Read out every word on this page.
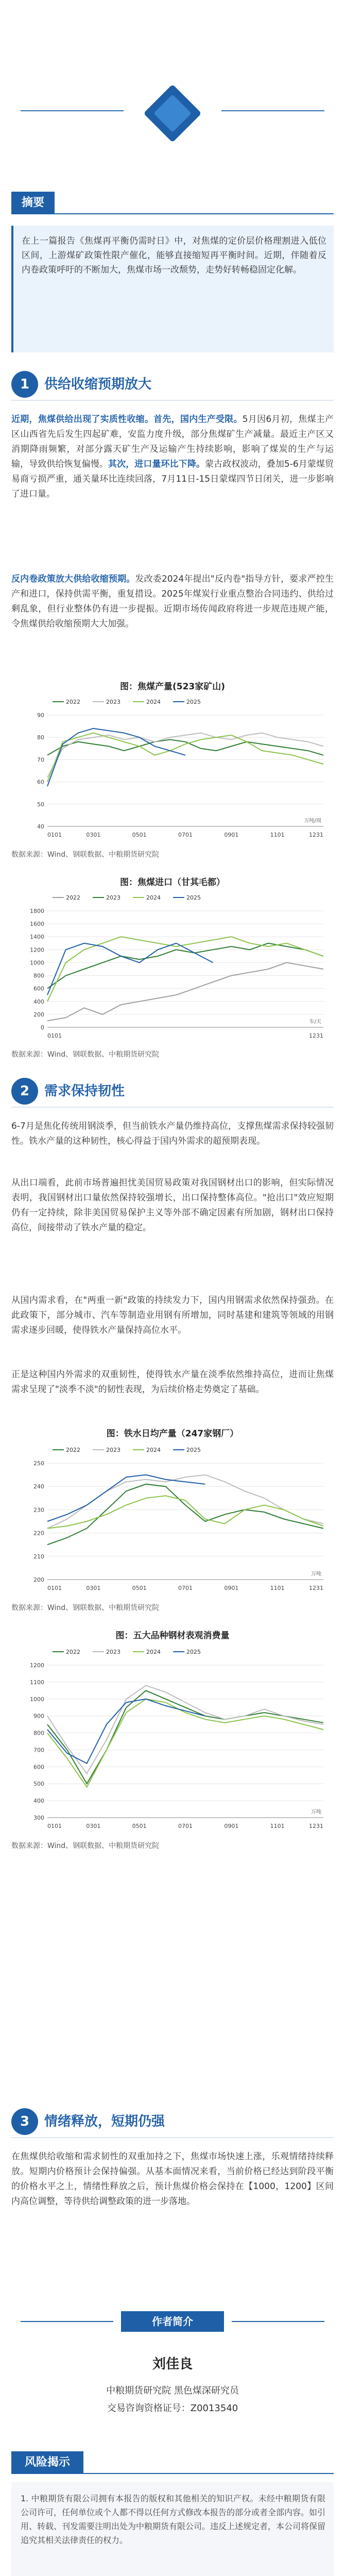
摘要
在上一篇报告《焦煤再平衡仍需时日》中，对焦煤的定价层价格理割进入低位区间，上游煤矿政策性限产催化，能够直接缩短再平衡时间。近期，伴随着反内卷政策呼吁的不断加大，焦煤市场一改颓势，走势好转畅稳固定化解。
1	供给收缩预期放大
近期，焦煤供给出现了实质性收缩。首先，国内生产受限。5月因6月初，焦煤主产区山西省先后发生四起矿难，安监力度升级，部分焦煤矿生产减量。最近主产区又消期降雨频繁，对部分露天矿生产及运输产生持续影响，影响了煤炭的生产与运输，导致供给恢复偏慢。其次，进口量环比下降。蒙古政权波动，叠加5-6月蒙煤贸易商亏损严重，通关量环比连续回落，7月11日-15日蒙煤四节日闭关，进一步影响了进口量。
反内卷政策放大供给收缩预期。发改委2024年提出"反内卷"指导方针，要求严控生产和进口，保持供需平衡，重复措设。2025年煤炭行业重点整治合同违约、供给过剩乱象，但行业整体仍有进一步提振。近期市场传闻政府将进一步规范违规产能，令焦煤供给收缩预期大大加强。
图：焦煤产量(523家矿山)
2022	2023	2024	2025
万吨/周
40
50
60
70
80
90
0101	0301	0501	0701	0901	1101	1231
数据来源：Wind、钢联数据、中粮期货研究院
图：焦煤进口（甘其毛都）
2022	2023	2024	2025
车/天
0
200
400
600
800
1000
1200
1400
1600
1800
0101	1231
数据来源：Wind、钢联数据、中粮期货研究院
2	需求保持韧性
6-7月是焦化传统用钢淡季，但当前铁水产量仍维持高位，支撑焦煤需求保持较强韧性。铁水产量的这种韧性，核心得益于国内外需求的超预期表现。
从出口端看，此前市场普遍担忧美国贸易政策对我国钢材出口的影响，但实际情况表明，我国钢材出口量依然保持较强增长，出口保持整体高位。"抢出口"效应短期仍有一定持续，除非美国贸易保护主义等外部不确定因素有所加剧，钢材出口保持高位，间接带动了铁水产量的稳定。
从国内需求看，在"两重一新"政策的持续发力下，国内用钢需求依然保持强劲。在此政策下，部分城市、汽车等制造业用钢有所增加，同时基建和建筑等领域的用钢需求逐步回暖，使得铁水产量保持高位水平。
正是这种国内外需求的双重韧性，使得铁水产量在淡季依然维持高位，进而让焦煤需求呈现了"淡季不淡"的韧性表现，为后续价格走势奠定了基础。
图：铁水日均产量（247家钢厂）
2022	2023	2024	2025
万吨
200
210
220
230
240
250
0101	0301	0501	0701	0901	1101	1231
数据来源：Wind、钢联数据、中粮期货研究院
图：五大品种钢材表观消费量
2022	2023	2024	2025
万吨
300
400
500
600
700
800
900
1000
1100
1200
0101	0301	0501	0701	0901	1101	1231
数据来源：Wind、钢联数据、中粮期货研究院
3	情绪释放，短期仍强
在焦煤供给收缩和需求韧性的双重加持之下，焦煤市场快速上涨，乐观情绪持续释放。短期内价格预计会保持偏强。从基本面情况来看，当前价格已经达到阶段平衡的价格水平之上，情绪性释放之后，预计焦煤价格会保持在【1000，1200】区间内高位调整，等待供给调整政策的进一步落地。
作者简介
刘佳良
中粮期货研究院 黑色煤深研究员
交易咨询资格证号：Z0013540
风险揭示
1. 中粮期货有限公司拥有本报告的版权和其他相关的知识产权。未经中粮期货有限公司许可，任何单位或个人都不得以任何方式修改本报告的部分或者全部内容。如引用、转载、刊发需要注明出处为中粮期货有限公司。违反上述规定者，本公司将保留追究其相关法律责任的权力。
